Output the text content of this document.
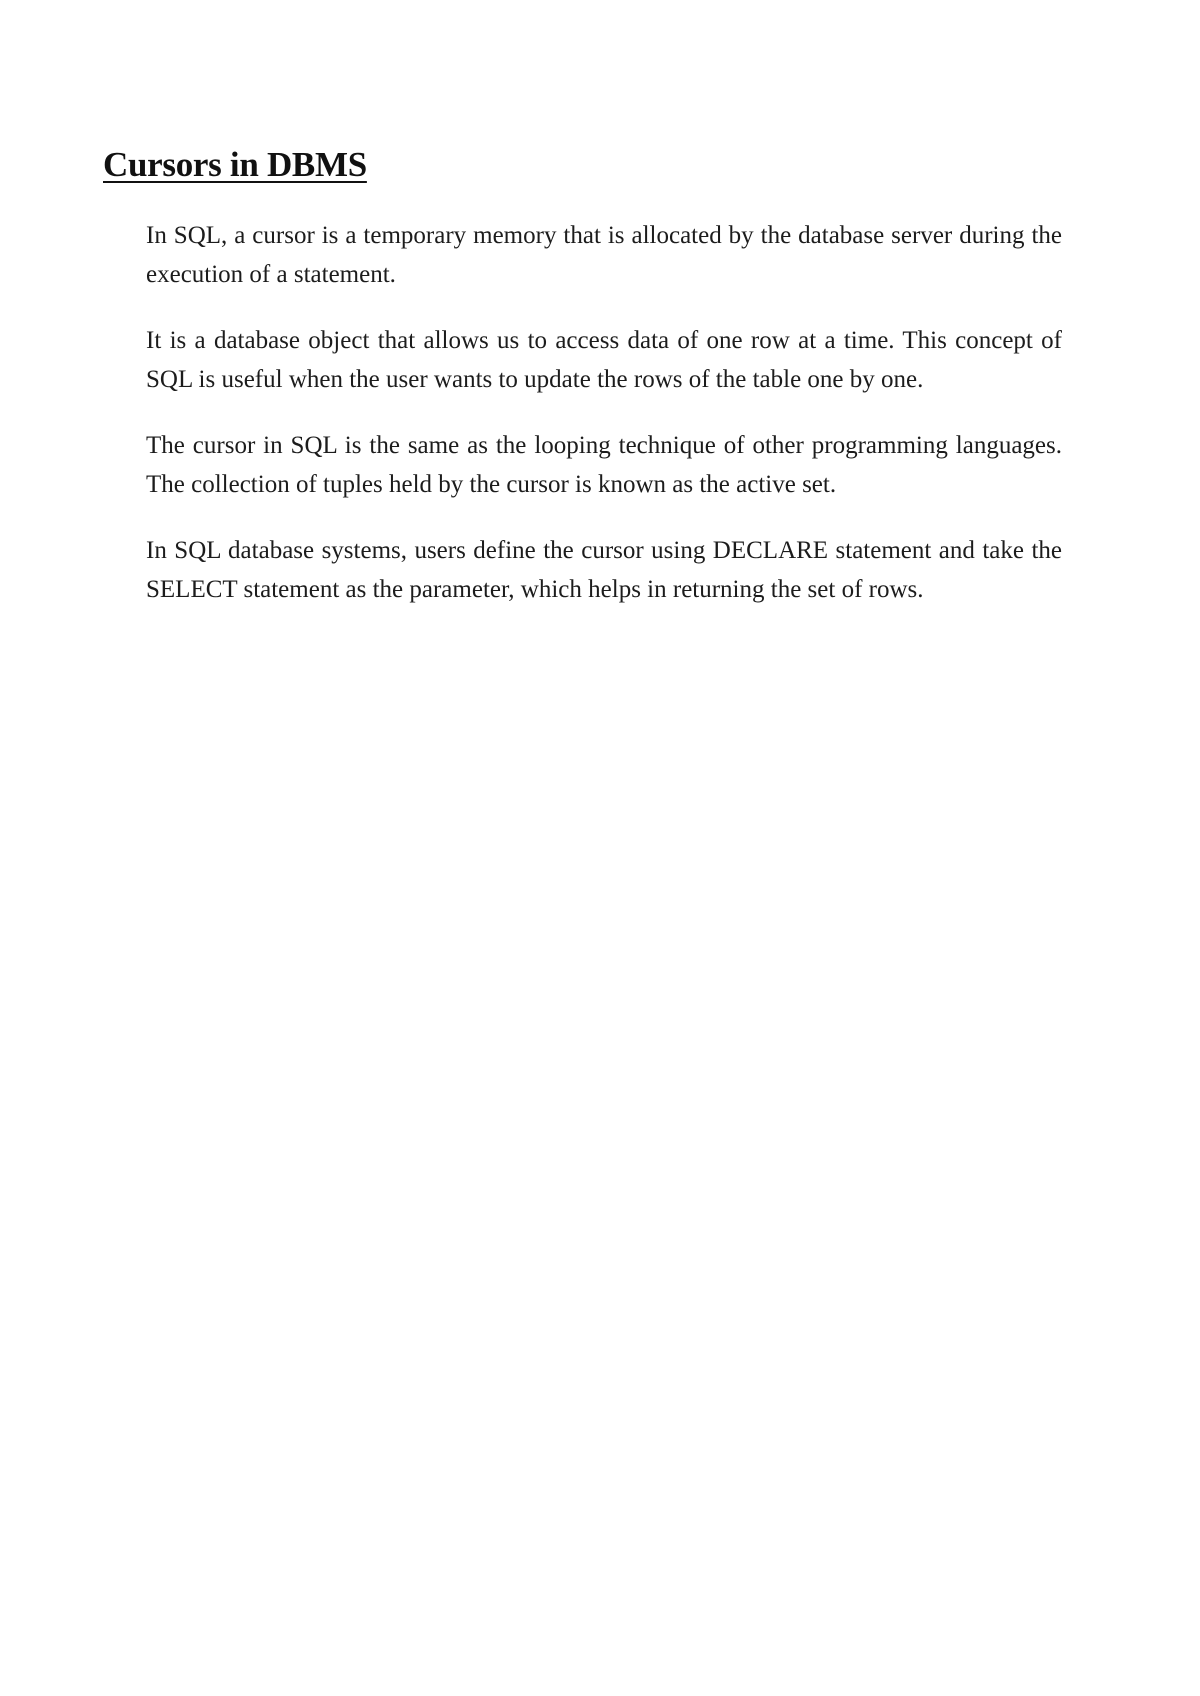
Cursors in DBMS

In SQL, a cursor is a temporary memory that is allocated by the database server during the execution of a statement.

It is a database object that allows us to access data of one row at a time. This concept of SQL is useful when the user wants to update the rows of the table one by one.

The cursor in SQL is the same as the looping technique of other programming languages. The collection of tuples held by the cursor is known as the active set.

In SQL database systems, users define the cursor using DECLARE statement and take the SELECT statement as the parameter, which helps in returning the set of rows.
